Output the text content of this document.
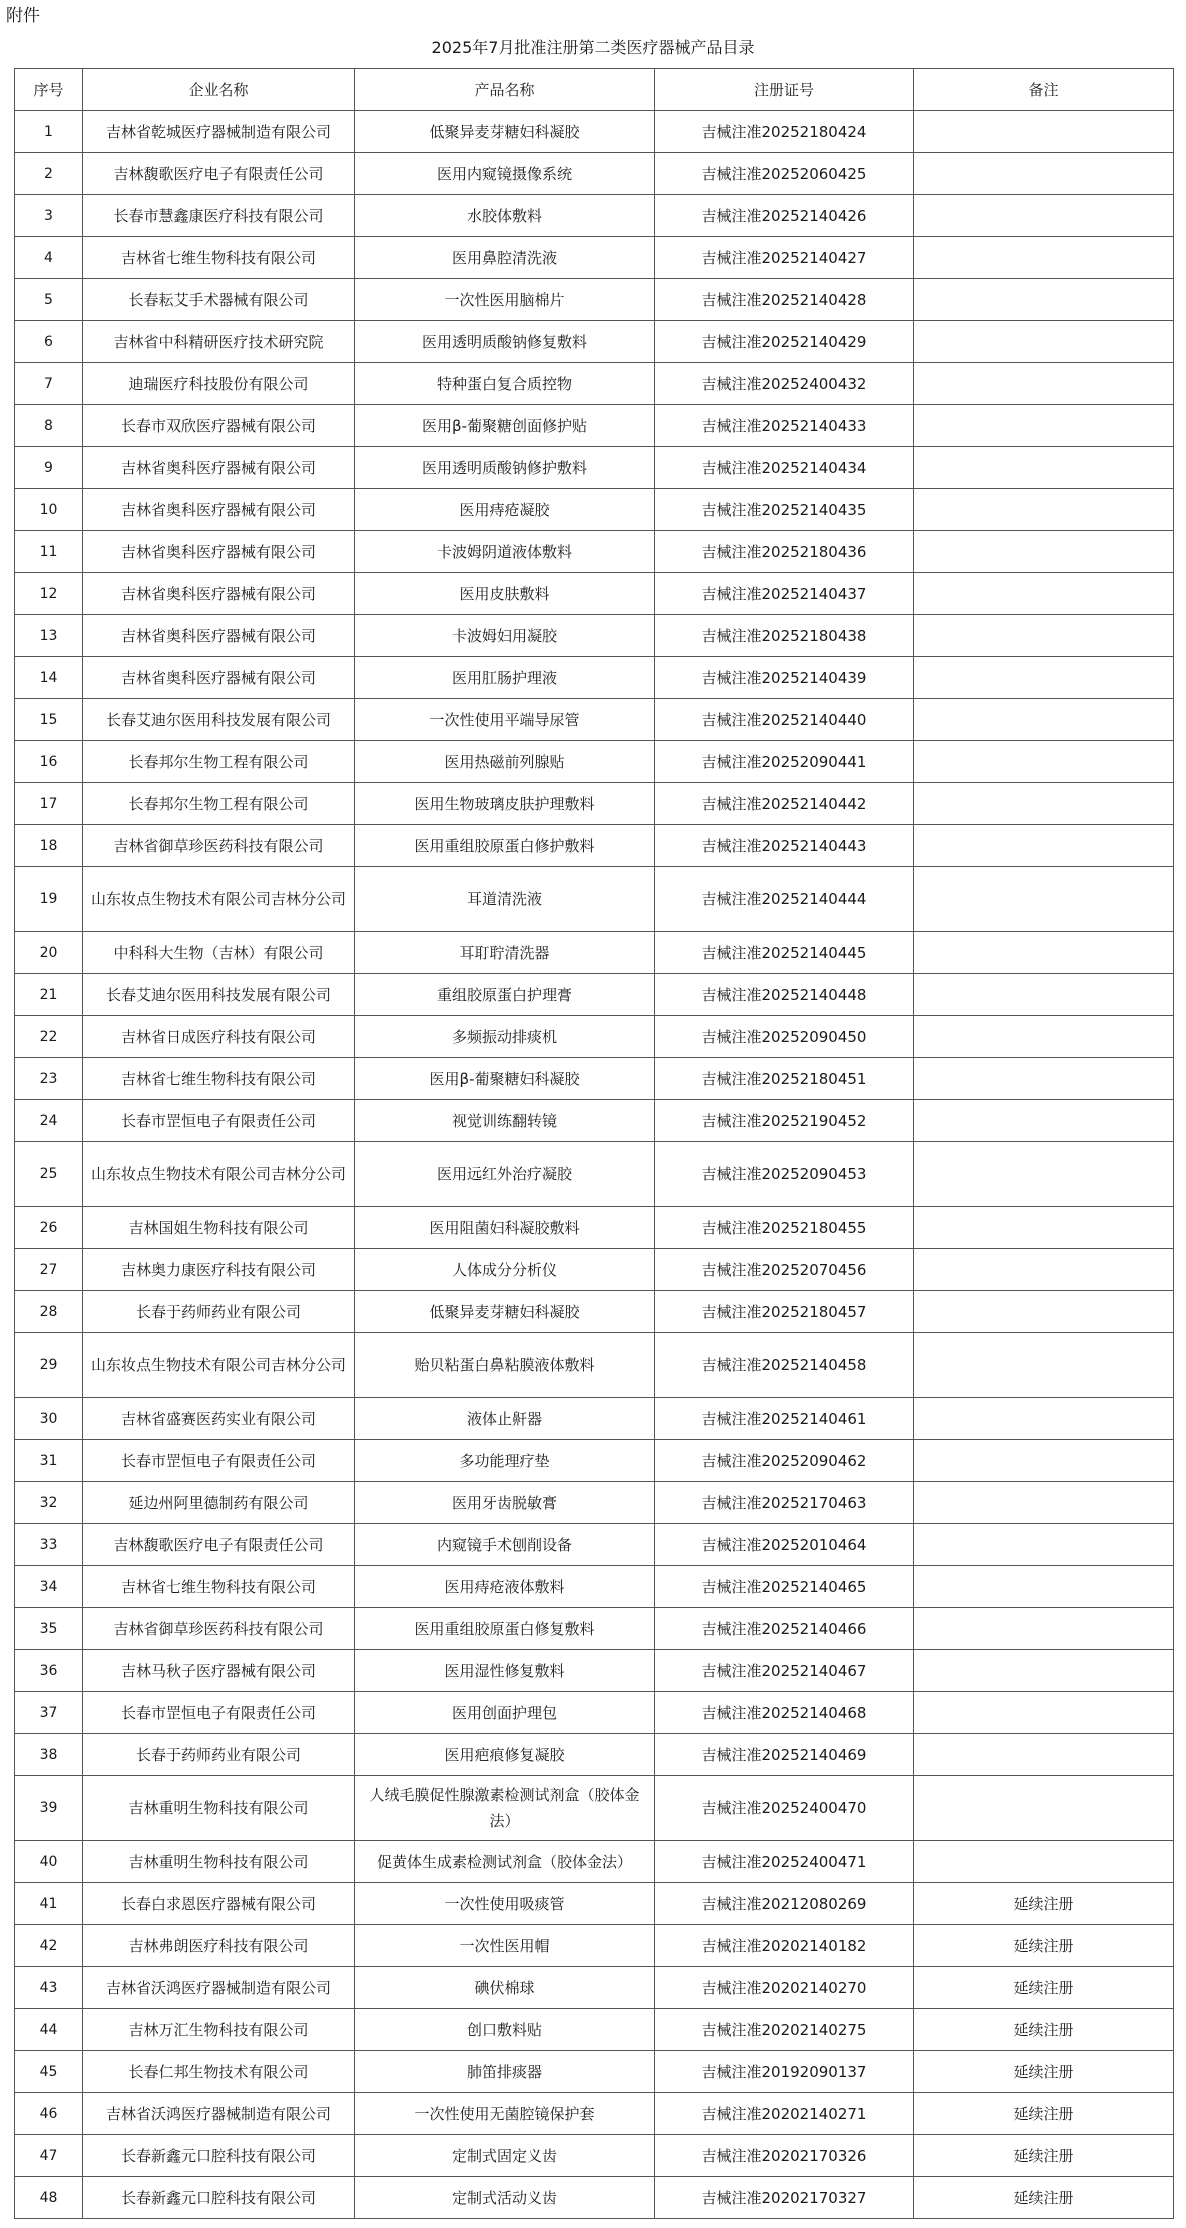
附件
2025年7月批准注册第二类医疗器械产品目录
序号	企业名称	产品名称	注册证号	备注
1	吉林省乾城医疗器械制造有限公司	低聚异麦芽糖妇科凝胶	吉械注准20252180424	
2	吉林馥歌医疗电子有限责任公司	医用内窥镜摄像系统	吉械注准20252060425	
3	长春市慧鑫康医疗科技有限公司	水胶体敷料	吉械注准20252140426	
4	吉林省七维生物科技有限公司	医用鼻腔清洗液	吉械注准20252140427	
5	长春耘艾手术器械有限公司	一次性医用脑棉片	吉械注准20252140428	
6	吉林省中科精研医疗技术研究院	医用透明质酸钠修复敷料	吉械注准20252140429	
7	迪瑞医疗科技股份有限公司	特种蛋白复合质控物	吉械注准20252400432	
8	长春市双欣医疗器械有限公司	医用β-葡聚糖创面修护贴	吉械注准20252140433	
9	吉林省奥科医疗器械有限公司	医用透明质酸钠修护敷料	吉械注准20252140434	
10	吉林省奥科医疗器械有限公司	医用痔疮凝胶	吉械注准20252140435	
11	吉林省奥科医疗器械有限公司	卡波姆阴道液体敷料	吉械注准20252180436	
12	吉林省奥科医疗器械有限公司	医用皮肤敷料	吉械注准20252140437	
13	吉林省奥科医疗器械有限公司	卡波姆妇用凝胶	吉械注准20252180438	
14	吉林省奥科医疗器械有限公司	医用肛肠护理液	吉械注准20252140439	
15	长春艾迪尔医用科技发展有限公司	一次性使用平端导尿管	吉械注准20252140440	
16	长春邦尔生物工程有限公司	医用热磁前列腺贴	吉械注准20252090441	
17	长春邦尔生物工程有限公司	医用生物玻璃皮肤护理敷料	吉械注准20252140442	
18	吉林省御草珍医药科技有限公司	医用重组胶原蛋白修护敷料	吉械注准20252140443	
19	山东妆点生物技术有限公司吉林分公司	耳道清洗液	吉械注准20252140444	
20	中科科大生物（吉林）有限公司	耳耵聍清洗器	吉械注准20252140445	
21	长春艾迪尔医用科技发展有限公司	重组胶原蛋白护理膏	吉械注准20252140448	
22	吉林省日成医疗科技有限公司	多频振动排痰机	吉械注准20252090450	
23	吉林省七维生物科技有限公司	医用β-葡聚糖妇科凝胶	吉械注准20252180451	
24	长春市罡恒电子有限责任公司	视觉训练翻转镜	吉械注准20252190452	
25	山东妆点生物技术有限公司吉林分公司	医用远红外治疗凝胶	吉械注准20252090453	
26	吉林国姐生物科技有限公司	医用阻菌妇科凝胶敷料	吉械注准20252180455	
27	吉林奥力康医疗科技有限公司	人体成分分析仪	吉械注准20252070456	
28	长春于药师药业有限公司	低聚异麦芽糖妇科凝胶	吉械注准20252180457	
29	山东妆点生物技术有限公司吉林分公司	贻贝粘蛋白鼻粘膜液体敷料	吉械注准20252140458	
30	吉林省盛赛医药实业有限公司	液体止鼾器	吉械注准20252140461	
31	长春市罡恒电子有限责任公司	多功能理疗垫	吉械注准20252090462	
32	延边州阿里德制药有限公司	医用牙齿脱敏膏	吉械注准20252170463	
33	吉林馥歌医疗电子有限责任公司	内窥镜手术刨削设备	吉械注准20252010464	
34	吉林省七维生物科技有限公司	医用痔疮液体敷料	吉械注准20252140465	
35	吉林省御草珍医药科技有限公司	医用重组胶原蛋白修复敷料	吉械注准20252140466	
36	吉林马秋子医疗器械有限公司	医用湿性修复敷料	吉械注准20252140467	
37	长春市罡恒电子有限责任公司	医用创面护理包	吉械注准20252140468	
38	长春于药师药业有限公司	医用疤痕修复凝胶	吉械注准20252140469	
39	吉林重明生物科技有限公司	人绒毛膜促性腺激素检测试剂盒（胶体金法）	吉械注准20252400470	
40	吉林重明生物科技有限公司	促黄体生成素检测试剂盒（胶体金法）	吉械注准20252400471	
41	长春白求恩医疗器械有限公司	一次性使用吸痰管	吉械注准20212080269	延续注册
42	吉林弗朗医疗科技有限公司	一次性医用帽	吉械注准20202140182	延续注册
43	吉林省沃鸿医疗器械制造有限公司	碘伏棉球	吉械注准20202140270	延续注册
44	吉林万汇生物科技有限公司	创口敷料贴	吉械注准20202140275	延续注册
45	长春仁邦生物技术有限公司	肺笛排痰器	吉械注准20192090137	延续注册
46	吉林省沃鸿医疗器械制造有限公司	一次性使用无菌腔镜保护套	吉械注准20202140271	延续注册
47	长春新鑫元口腔科技有限公司	定制式固定义齿	吉械注准20202170326	延续注册
48	长春新鑫元口腔科技有限公司	定制式活动义齿	吉械注准20202170327	延续注册
